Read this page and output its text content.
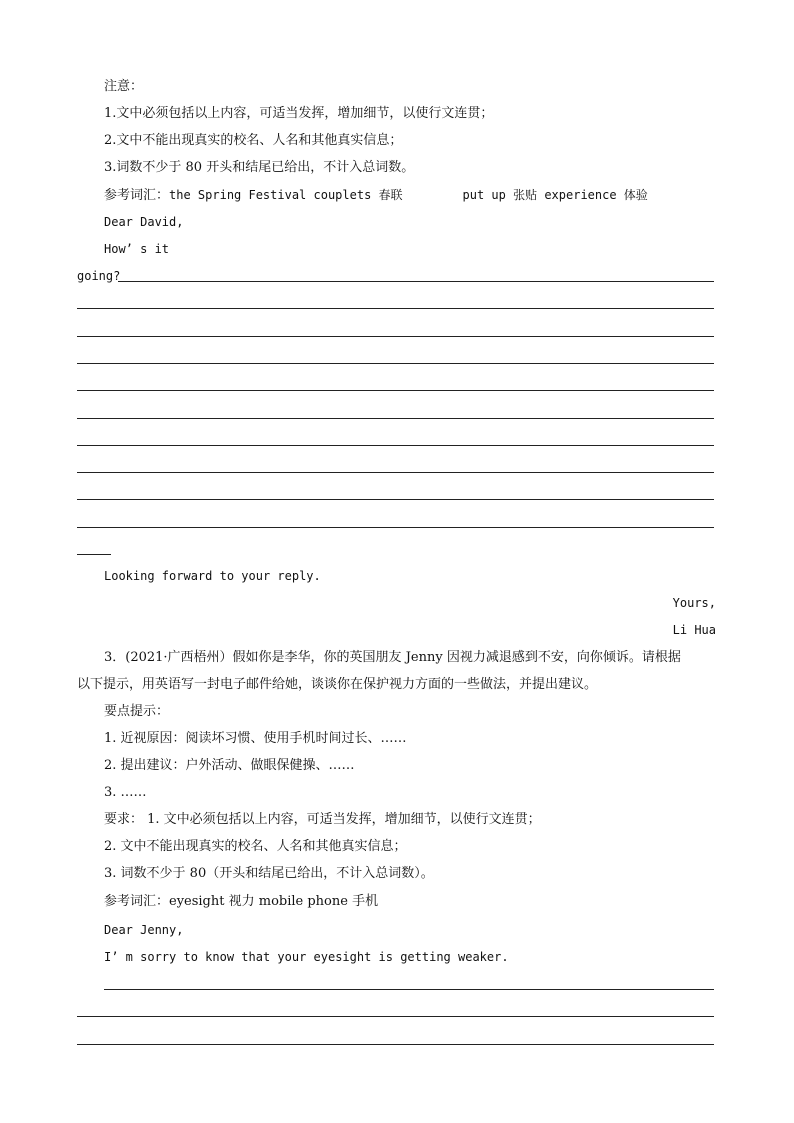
注意：
1.文中必须包括以上内容，可适当发挥，增加细节，以使行文连贯；
2.文中不能出现真实的校名、人名和其他真实信息；
3.词数不少于 80 开头和结尾已给出，不计入总词数。
参考词汇：the Spring Festival couplets 春联	put up 张贴 experience 体验
Dear David,
How’ s it
going?
Looking forward to your reply.
Yours,
Li Hua
3．(2021·广西梧州）假如你是李华，你的英国朋友 Jenny 因视力减退感到不安，向你倾诉。请根据
以下提示，用英语写一封电子邮件给她，谈谈你在保护视力方面的一些做法，并提出建议。
要点提示：
1. 近视原因：阅读坏习惯、使用手机时间过长、……
2. 提出建议：户外活动、做眼保健操、……
3. ……
要求： 1. 文中必须包括以上内容，可适当发挥，增加细节，以使行文连贯；
2. 文中不能出现真实的校名、人名和其他真实信息；
3. 词数不少于 80（开头和结尾已给出，不计入总词数）。
参考词汇：eyesight 视力 mobile phone 手机
Dear Jenny,
I’ m sorry to know that your eyesight is getting weaker.
